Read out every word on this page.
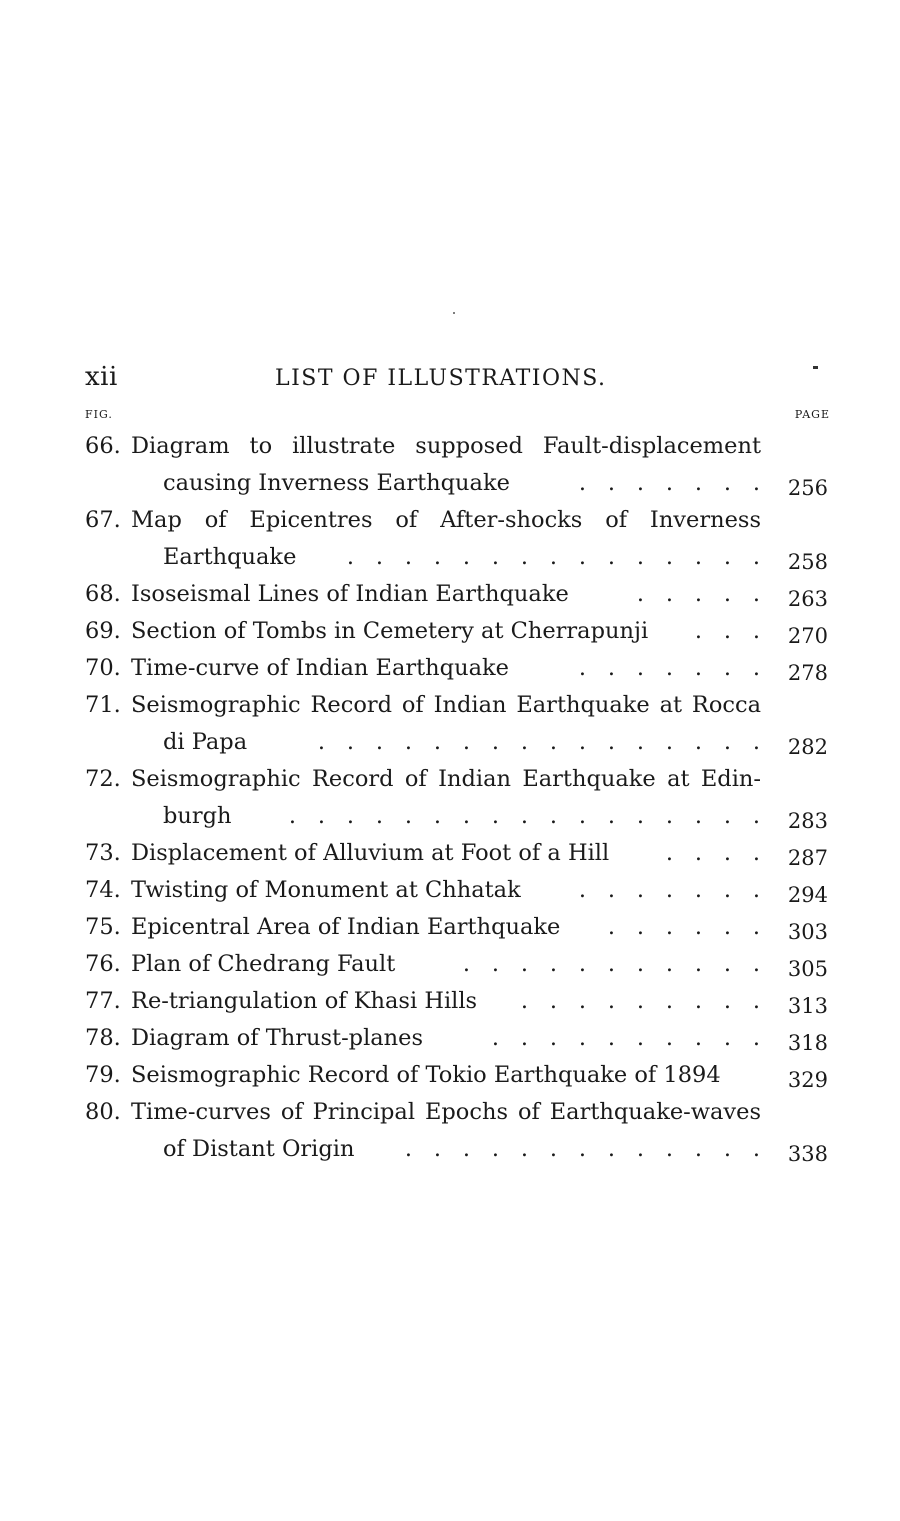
xii	LIST OF ILLUSTRATIONS.
FIG.	PAGE
66. Diagram to illustrate supposed Fault-displacement
causing Inverness Earthquake	. . . . . . . 256
67. Map of Epicentres of After-shocks of Inverness
Earthquake	. . . . . . . . . . . . . . . 258
68. Isoseismal Lines of Indian Earthquake	. . . . . 263
69. Section of Tombs in Cemetery at Cherrapunji	. . . 270
70. Time-curve of Indian Earthquake	. . . . . . . 278
71. Seismographic Record of Indian Earthquake at Rocca
di Papa	. . . . . . . . . . . . . . . . 282
72. Seismographic Record of Indian Earthquake at Edin-
burgh	. . . . . . . . . . . . . . . . . 283
73. Displacement of Alluvium at Foot of a Hill	. . . . 287
74. Twisting of Monument at Chhatak	. . . . . . . 294
75. Epicentral Area of Indian Earthquake	. . . . . . 303
76. Plan of Chedrang Fault	. . . . . . . . . . . 305
77. Re-triangulation of Khasi Hills	. . . . . . . . . 313
78. Diagram of Thrust-planes	. . . . . . . . . . 318
79. Seismographic Record of Tokio Earthquake of 1894	329
80. Time-curves of Principal Epochs of Earthquake-waves
of Distant Origin	. . . . . . . . . . . . . 338
